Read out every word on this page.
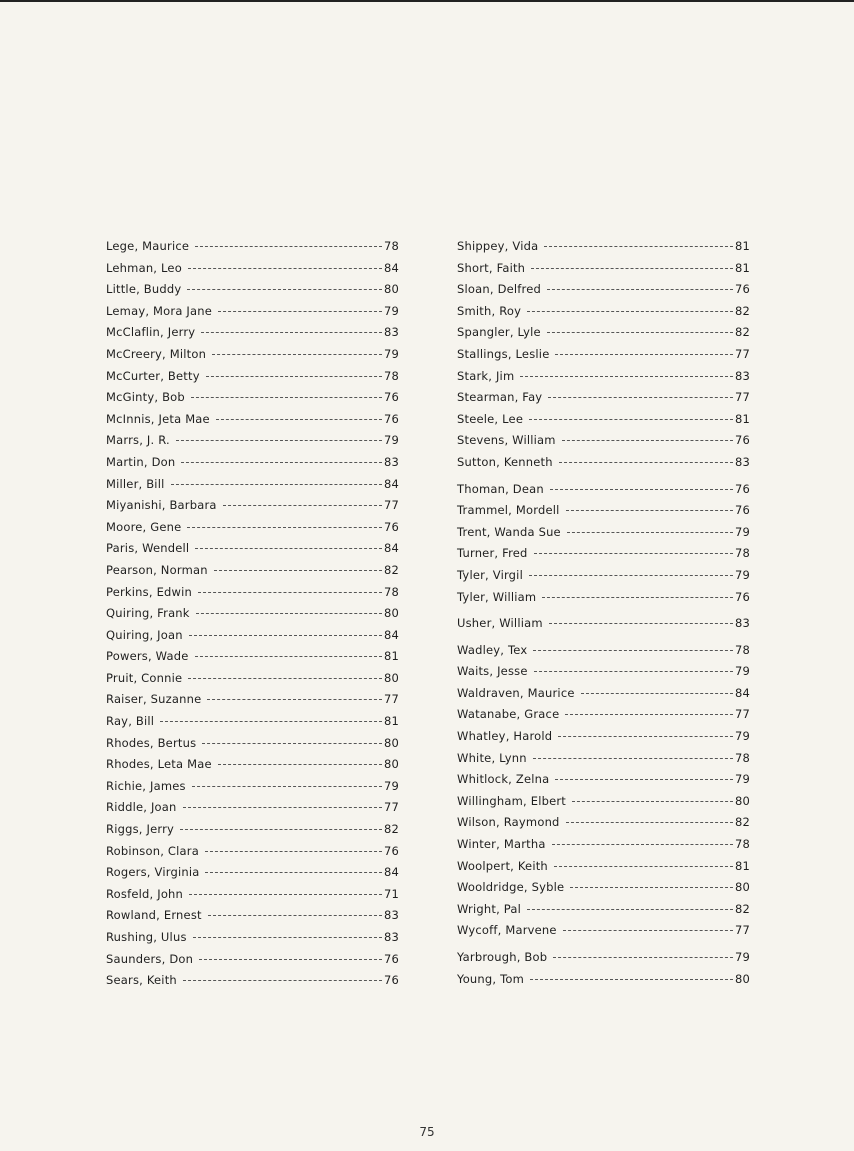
Lege, Maurice	78
Lehman, Leo	84
Little, Buddy	80
Lemay, Mora Jane	79
McClaflin, Jerry	83
McCreery, Milton	79
McCurter, Betty	78
McGinty, Bob	76
McInnis, Jeta Mae	76
Marrs, J. R.	79
Martin, Don	83
Miller, Bill	84
Miyanishi, Barbara	77
Moore, Gene	76
Paris, Wendell	84
Pearson, Norman	82
Perkins, Edwin	78
Quiring, Frank	80
Quiring, Joan	84
Powers, Wade	81
Pruit, Connie	80
Raiser, Suzanne	77
Ray, Bill	81
Rhodes, Bertus	80
Rhodes, Leta Mae	80
Richie, James	79
Riddle, Joan	77
Riggs, Jerry	82
Robinson, Clara	76
Rogers, Virginia	84
Rosfeld, John	71
Rowland, Ernest	83
Rushing, Ulus	83
Saunders, Don	76
Sears, Keith	76
Shippey, Vida	81
Short, Faith	81
Sloan, Delfred	76
Smith, Roy	82
Spangler, Lyle	82
Stallings, Leslie	77
Stark, Jim	83
Stearman, Fay	77
Steele, Lee	81
Stevens, William	76
Sutton, Kenneth	83
Thoman, Dean	76
Trammel, Mordell	76
Trent, Wanda Sue	79
Turner, Fred	78
Tyler, Virgil	79
Tyler, William	76
Usher, William	83
Wadley, Tex	78
Waits, Jesse	79
Waldraven, Maurice	84
Watanabe, Grace	77
Whatley, Harold	79
White, Lynn	78
Whitlock, Zelna	79
Willingham, Elbert	80
Wilson, Raymond	82
Winter, Martha	78
Woolpert, Keith	81
Wooldridge, Syble	80
Wright, Pal	82
Wycoff, Marvene	77
Yarbrough, Bob	79
Young, Tom	80
75
